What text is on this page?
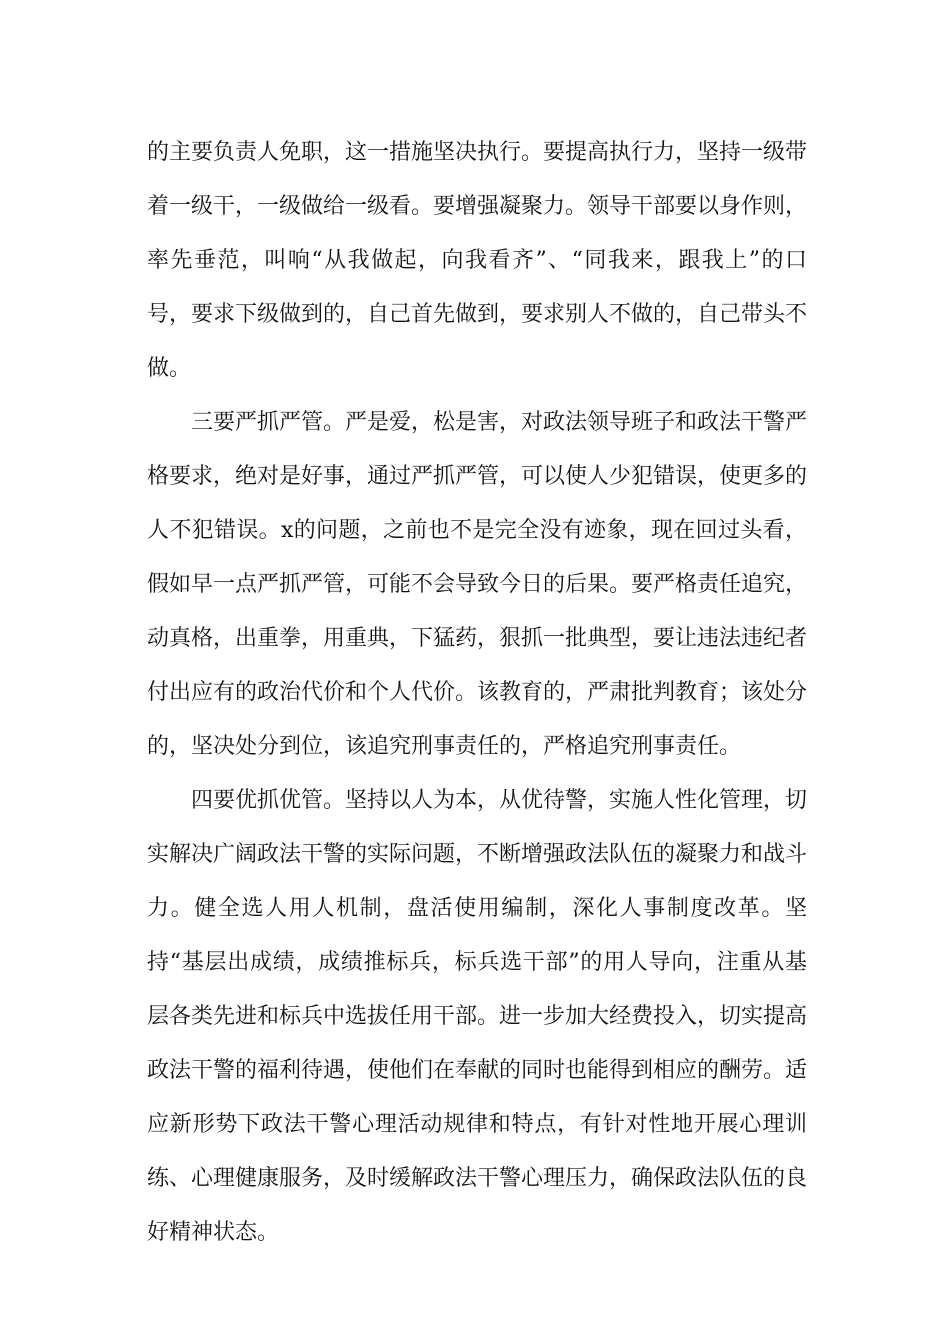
的主要负责人免职，这一措施坚决执行。要提高执行力，坚持一级带着一级干，一级做给一级看。要增强凝聚力。领导干部要以身作则，率先垂范，叫响“从我做起，向我看齐”、“同我来，跟我上”的口号，要求下级做到的，自己首先做到，要求别人不做的，自己带头不做。

三要严抓严管。严是爱，松是害，对政法领导班子和政法干警严格要求，绝对是好事，通过严抓严管，可以使人少犯错误，使更多的人不犯错误。x的问题，之前也不是完全没有迹象，现在回过头看，假如早一点严抓严管，可能不会导致今日的后果。要严格责任追究，动真格，出重拳，用重典，下猛药，狠抓一批典型，要让违法违纪者付出应有的政治代价和个人代价。该教育的，严肃批判教育；该处分的，坚决处分到位，该追究刑事责任的，严格追究刑事责任。

四要优抓优管。坚持以人为本，从优待警，实施人性化管理，切实解决广阔政法干警的实际问题，不断增强政法队伍的凝聚力和战斗力。健全选人用人机制，盘活使用编制，深化人事制度改革。坚持“基层出成绩，成绩推标兵，标兵选干部”的用人导向，注重从基层各类先进和标兵中选拔任用干部。进一步加大经费投入，切实提高政法干警的福利待遇，使他们在奉献的同时也能得到相应的酬劳。适应新形势下政法干警心理活动规律和特点，有针对性地开展心理训练、心理健康服务，及时缓解政法干警心理压力，确保政法队伍的良好精神状态。
